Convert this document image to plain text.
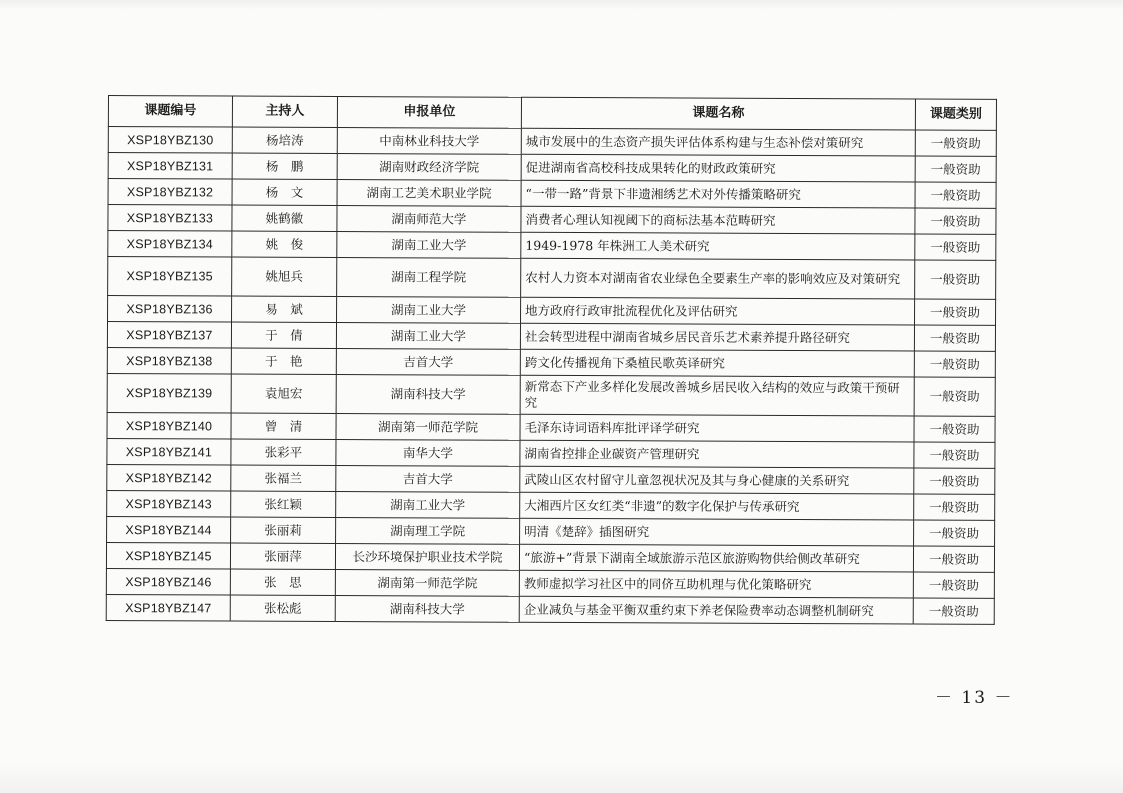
课题编号	主持人	申报单位	课题名称	课题类别
XSP18YBZ130	杨培涛	中南林业科技大学	城市发展中的生态资产损失评估体系构建与生态补偿对策研究	一般资助
XSP18YBZ131	杨　鹏	湖南财政经济学院	促进湖南省高校科技成果转化的财政政策研究	一般资助
XSP18YBZ132	杨　文	湖南工艺美术职业学院	“一带一路”背景下非遗湘绣艺术对外传播策略研究	一般资助
XSP18YBZ133	姚鹤徽	湖南师范大学	消费者心理认知视阈下的商标法基本范畴研究	一般资助
XSP18YBZ134	姚　俊	湖南工业大学	1949-1978 年株洲工人美术研究	一般资助
XSP18YBZ135	姚旭兵	湖南工程学院	农村人力资本对湖南省农业绿色全要素生产率的影响效应及对策研究	一般资助
XSP18YBZ136	易　斌	湖南工业大学	地方政府行政审批流程优化及评估研究	一般资助
XSP18YBZ137	于　倩	湖南工业大学	社会转型进程中湖南省城乡居民音乐艺术素养提升路径研究	一般资助
XSP18YBZ138	于　艳	吉首大学	跨文化传播视角下桑植民歌英译研究	一般资助
XSP18YBZ139	袁旭宏	湖南科技大学	新常态下产业多样化发展改善城乡居民收入结构的效应与政策干预研究	一般资助
XSP18YBZ140	曾　清	湖南第一师范学院	毛泽东诗词语料库批评译学研究	一般资助
XSP18YBZ141	张彩平	南华大学	湖南省控排企业碳资产管理研究	一般资助
XSP18YBZ142	张福兰	吉首大学	武陵山区农村留守儿童忽视状况及其与身心健康的关系研究	一般资助
XSP18YBZ143	张红颖	湖南工业大学	大湘西片区女红类“非遗”的数字化保护与传承研究	一般资助
XSP18YBZ144	张丽莉	湖南理工学院	明清《楚辞》插图研究	一般资助
XSP18YBZ145	张丽萍	长沙环境保护职业技术学院	“旅游+”背景下湖南全域旅游示范区旅游购物供给侧改革研究	一般资助
XSP18YBZ146	张　思	湖南第一师范学院	教师虚拟学习社区中的同侪互助机理与优化策略研究	一般资助
XSP18YBZ147	张松彪	湖南科技大学	企业减负与基金平衡双重约束下养老保险费率动态调整机制研究	一般资助
－ 13 －
